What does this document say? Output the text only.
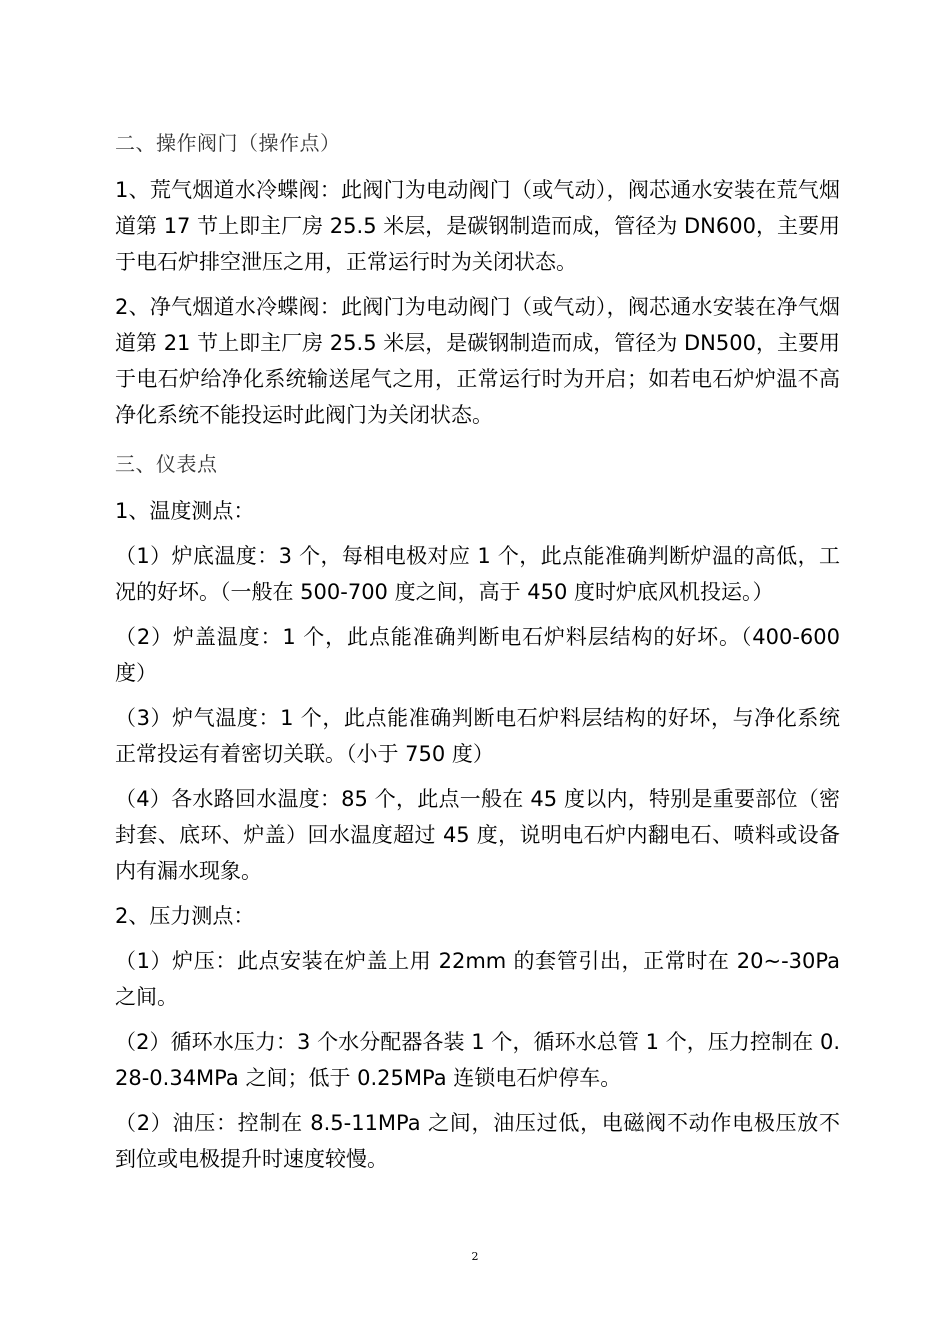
二、操作阀门（操作点）

1、荒气烟道水冷蝶阀：此阀门为电动阀门（或气动），阀芯通水安装在荒气烟道第 17 节上即主厂房 25.5 米层，是碳钢制造而成，管径为 DN600，主要用于电石炉排空泄压之用，正常运行时为关闭状态。

2、净气烟道水冷蝶阀：此阀门为电动阀门（或气动），阀芯通水安装在净气烟道第 21 节上即主厂房 25.5 米层，是碳钢制造而成，管径为 DN500，主要用于电石炉给净化系统输送尾气之用，正常运行时为开启；如若电石炉炉温不高净化系统不能投运时此阀门为关闭状态。

三、仪表点

1、温度测点：

（1）炉底温度：3 个，每相电极对应 1 个，此点能准确判断炉温的高低，工况的好坏。（一般在 500-700 度之间，高于 450 度时炉底风机投运。）

（2）炉盖温度：1 个，此点能准确判断电石炉料层结构的好坏。（400-600 度）

（3）炉气温度：1 个，此点能准确判断电石炉料层结构的好坏，与净化系统正常投运有着密切关联。（小于 750 度）

（4）各水路回水温度：85 个，此点一般在 45 度以内，特别是重要部位（密封套、底环、炉盖）回水温度超过 45 度，说明电石炉内翻电石、喷料或设备内有漏水现象。

2、压力测点：

（1）炉压：此点安装在炉盖上用 22mm 的套管引出，正常时在 20~-30Pa 之间。

（2）循环水压力：3 个水分配器各装 1 个，循环水总管 1 个，压力控制在 0.28-0.34MPa 之间；低于 0.25MPa 连锁电石炉停车。

（2）油压：控制在 8.5-11MPa 之间，油压过低，电磁阀不动作电极压放不到位或电极提升时速度较慢。

2
